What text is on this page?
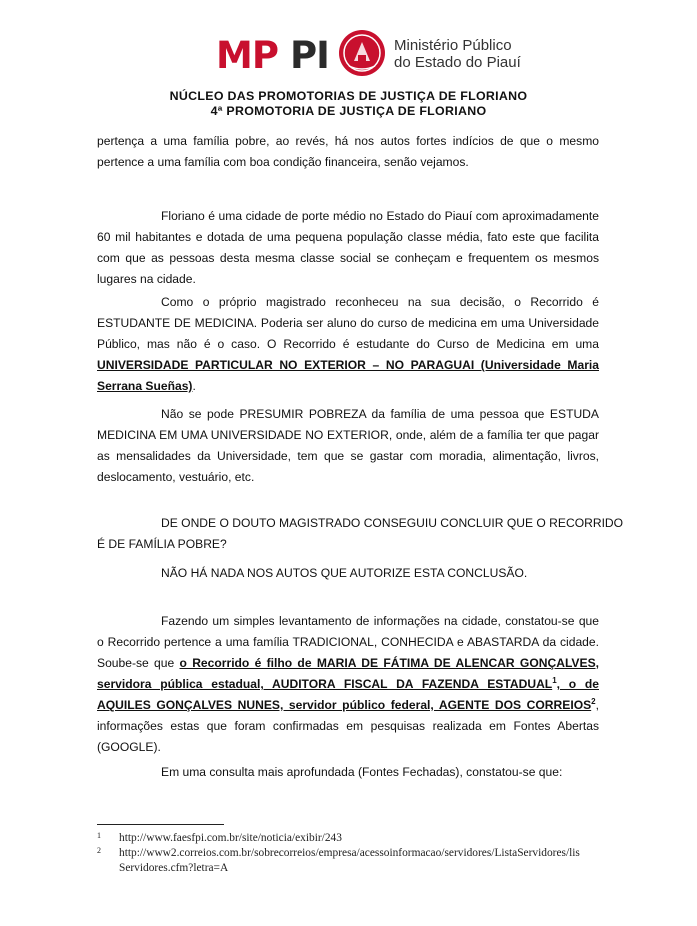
MP PI	Ministério Público
do Estado do Piauí
NÚCLEO DAS PROMOTORIAS DE JUSTIÇA DE FLORIANO
4ª PROMOTORIA DE JUSTIÇA DE FLORIANO
pertença a uma família pobre, ao revés, há nos autos fortes indícios de que o mesmo pertence a uma família com boa condição financeira, senão vejamos.
Floriano é uma cidade de porte médio no Estado do Piauí com aproximadamente 60 mil habitantes e dotada de uma pequena população classe média, fato este que facilita com que as pessoas desta mesma classe social se conheçam e frequentem os mesmos lugares na cidade.
Como o próprio magistrado reconheceu na sua decisão, o Recorrido é ESTUDANTE DE MEDICINA. Poderia ser aluno do curso de medicina em uma Universidade Público, mas não é o caso. O Recorrido é estudante do Curso de Medicina em uma UNIVERSIDADE PARTICULAR NO EXTERIOR – NO PARAGUAI (Universidade Maria Serrana Sueñas).
Não se pode PRESUMIR POBREZA da família de uma pessoa que ESTUDA MEDICINA EM UMA UNIVERSIDADE NO EXTERIOR, onde, além de a família ter que pagar as mensalidades da Universidade, tem que se gastar com moradia, alimentação, livros, deslocamento, vestuário, etc.
DE ONDE O DOUTO MAGISTRADO CONSEGUIU CONCLUIR QUE O RECORRIDO
É DE FAMÍLIA POBRE?
NÃO HÁ NADA NOS AUTOS QUE AUTORIZE ESTA CONCLUSÃO.
Fazendo um simples levantamento de informações na cidade, constatou-se que o Recorrido pertence a uma família TRADICIONAL, CONHECIDA e ABASTARDA da cidade. Soube-se que o Recorrido é filho de MARIA DE FÁTIMA DE ALENCAR GONÇALVES, servidora pública estadual, AUDITORA FISCAL DA FAZENDA ESTADUAL$^1$, o de AQUILES GONÇALVES NUNES, servidor público federal, AGENTE DOS CORREIOS$^2$, informações estas que foram confirmadas em pesquisas realizada em Fontes Abertas (GOOGLE).
Em uma consulta mais aprofundada (Fontes Fechadas), constatou-se que:
1 http://www.faesfpi.com.br/site/noticia/exibir/243
2 http://www2.correios.com.br/sobrecorreios/empresa/acessoinformacao/servidores/ListaServidores/lis Servidores.cfm?letra=A
